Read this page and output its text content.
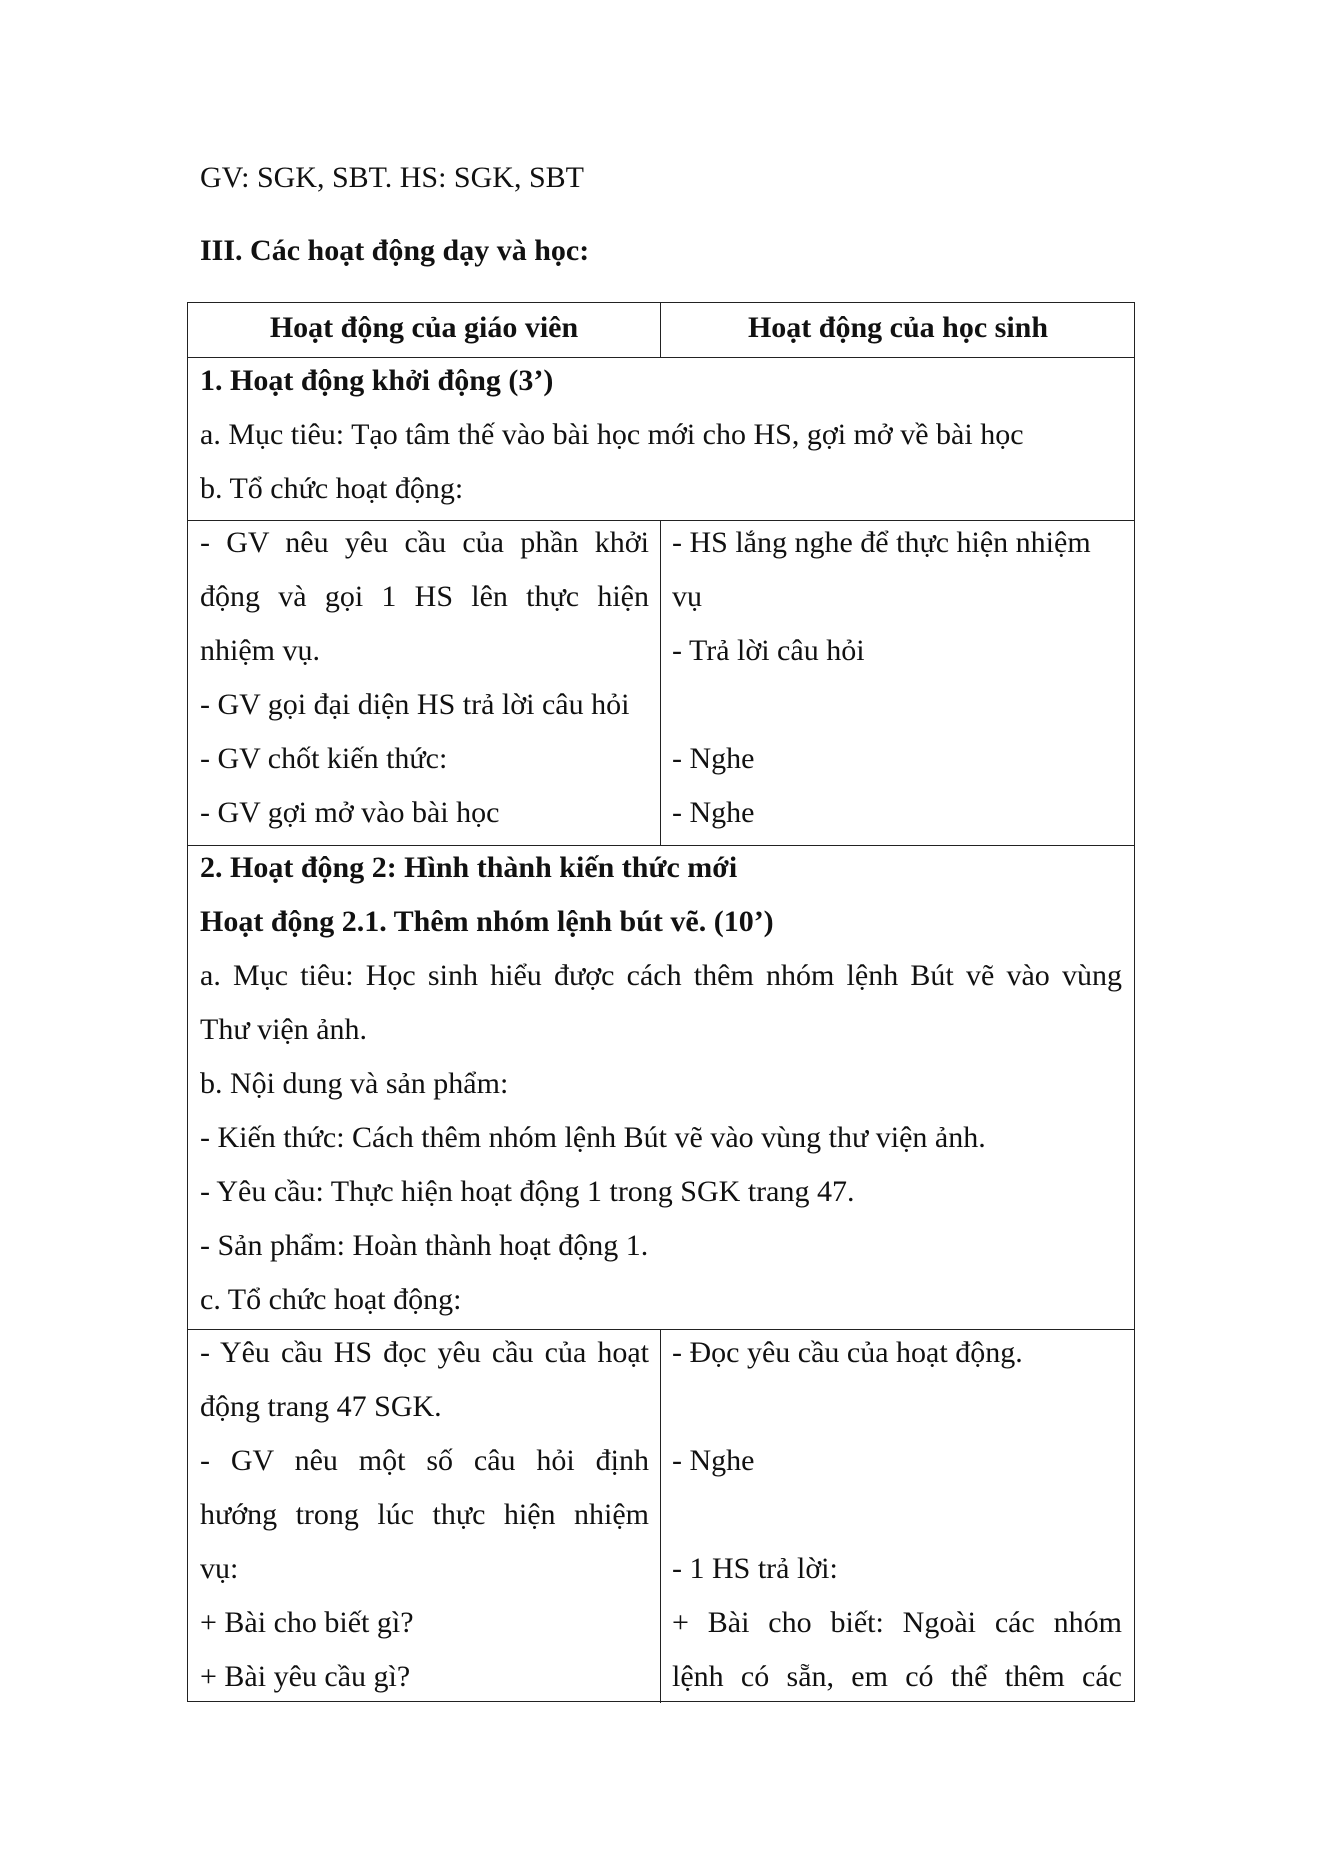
GV: SGK, SBT. HS: SGK, SBT
III. Các hoạt động dạy và học:
Hoạt động của giáo viên	Hoạt động của học sinh
1. Hoạt động khởi động (3’)
a. Mục tiêu: Tạo tâm thế vào bài học mới cho HS, gợi mở về bài học
b. Tổ chức hoạt động:
- GV nêu yêu cầu của phần khởi
động và gọi 1 HS lên thực hiện
nhiệm vụ.
- GV gọi đại diện HS trả lời câu hỏi
- GV chốt kiến thức:
- GV gợi mở vào bài học
- HS lắng nghe để thực hiện nhiệm
vụ
- Trả lời câu hỏi
- Nghe
- Nghe
2. Hoạt động 2: Hình thành kiến thức mới
Hoạt động 2.1. Thêm nhóm lệnh bút vẽ. (10’)
a. Mục tiêu: Học sinh hiểu được cách thêm nhóm lệnh Bút vẽ vào vùng
Thư viện ảnh.
b. Nội dung và sản phẩm:
- Kiến thức: Cách thêm nhóm lệnh Bút vẽ vào vùng thư viện ảnh.
- Yêu cầu: Thực hiện hoạt động 1 trong SGK trang 47.
- Sản phẩm: Hoàn thành hoạt động 1.
c. Tổ chức hoạt động:
- Yêu cầu HS đọc yêu cầu của hoạt
động trang 47 SGK.
- GV nêu một số câu hỏi định
hướng trong lúc thực hiện nhiệm
vụ:
+ Bài cho biết gì?
+ Bài yêu cầu gì?
- Đọc yêu cầu của hoạt động.
- Nghe
- 1 HS trả lời:
+ Bài cho biết: Ngoài các nhóm
lệnh có sẵn, em có thể thêm các
